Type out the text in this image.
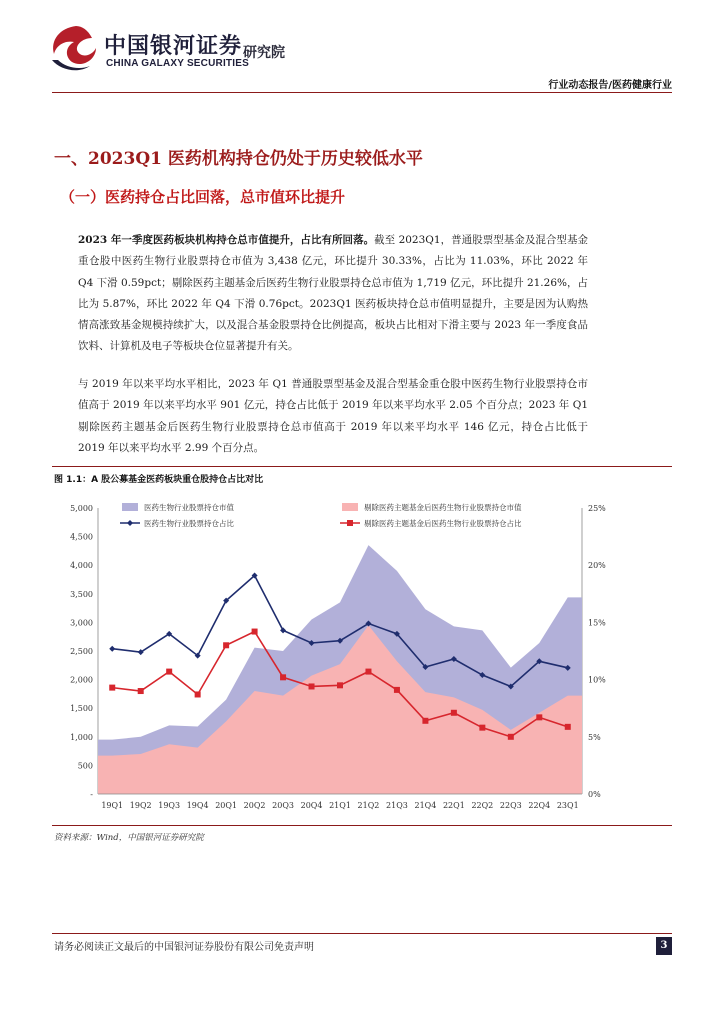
中国银河证券
CHINA GALAXY SECURITIES
研究院
行业动态报告/医药健康行业
一、2023Q1 医药机构持仓仍处于历史较低水平
（一）医药持仓占比回落，总市值环比提升
2023 年一季度医药板块机构持仓总市值提升，占比有所回落。截至 2023Q1，普通股票型基金及混合型基金重仓股中医药生物行业股票持仓市值为 3,438 亿元，环比提升 30.33%，占比为 11.03%，环比 2022 年 Q4 下滑 0.59pct；剔除医药主题基金后医药生物行业股票持仓总市值为 1,719 亿元，环比提升 21.26%，占比为 5.87%，环比 2022 年 Q4 下滑 0.76pct。2023Q1 医药板块持仓总市值明显提升，主要是因为认购热情高涨致基金规模持续扩大，以及混合基金股票持仓比例提高，板块占比相对下滑主要与 2023 年一季度食品饮料、计算机及电子等板块仓位显著提升有关。
与 2019 年以来平均水平相比，2023 年 Q1 普通股票型基金及混合型基金重仓股中医药生物行业股票持仓市值高于 2019 年以来平均水平 901 亿元，持仓占比低于 2019 年以来平均水平 2.05 个百分点；2023 年 Q1 剔除医药主题基金后医药生物行业股票持仓总市值高于 2019 年以来平均水平 146 亿元，持仓占比低于 2019 年以来平均水平 2.99 个百分点。
图 1.1：A 股公募基金医药板块重仓股持仓占比对比
-
500
1,000
1,500
2,000
2,500
3,000
3,500
4,000
4,500
5,000
0%
5%
10%
15%
20%
25%
19Q1 19Q2 19Q3 19Q4 20Q1 20Q2 20Q3 20Q4 21Q1 21Q2 21Q3 21Q4 22Q1 22Q2 22Q3 22Q4 23Q1
医药生物行业股票持仓市值	剔除医药主题基金后医药生物行业股票持仓市值
医药生物行业股票持仓占比	剔除医药主题基金后医药生物行业股票持仓占比
资料来源：Wind，中国银河证券研究院
请务必阅读正文最后的中国银河证券股份有限公司免责声明	3
